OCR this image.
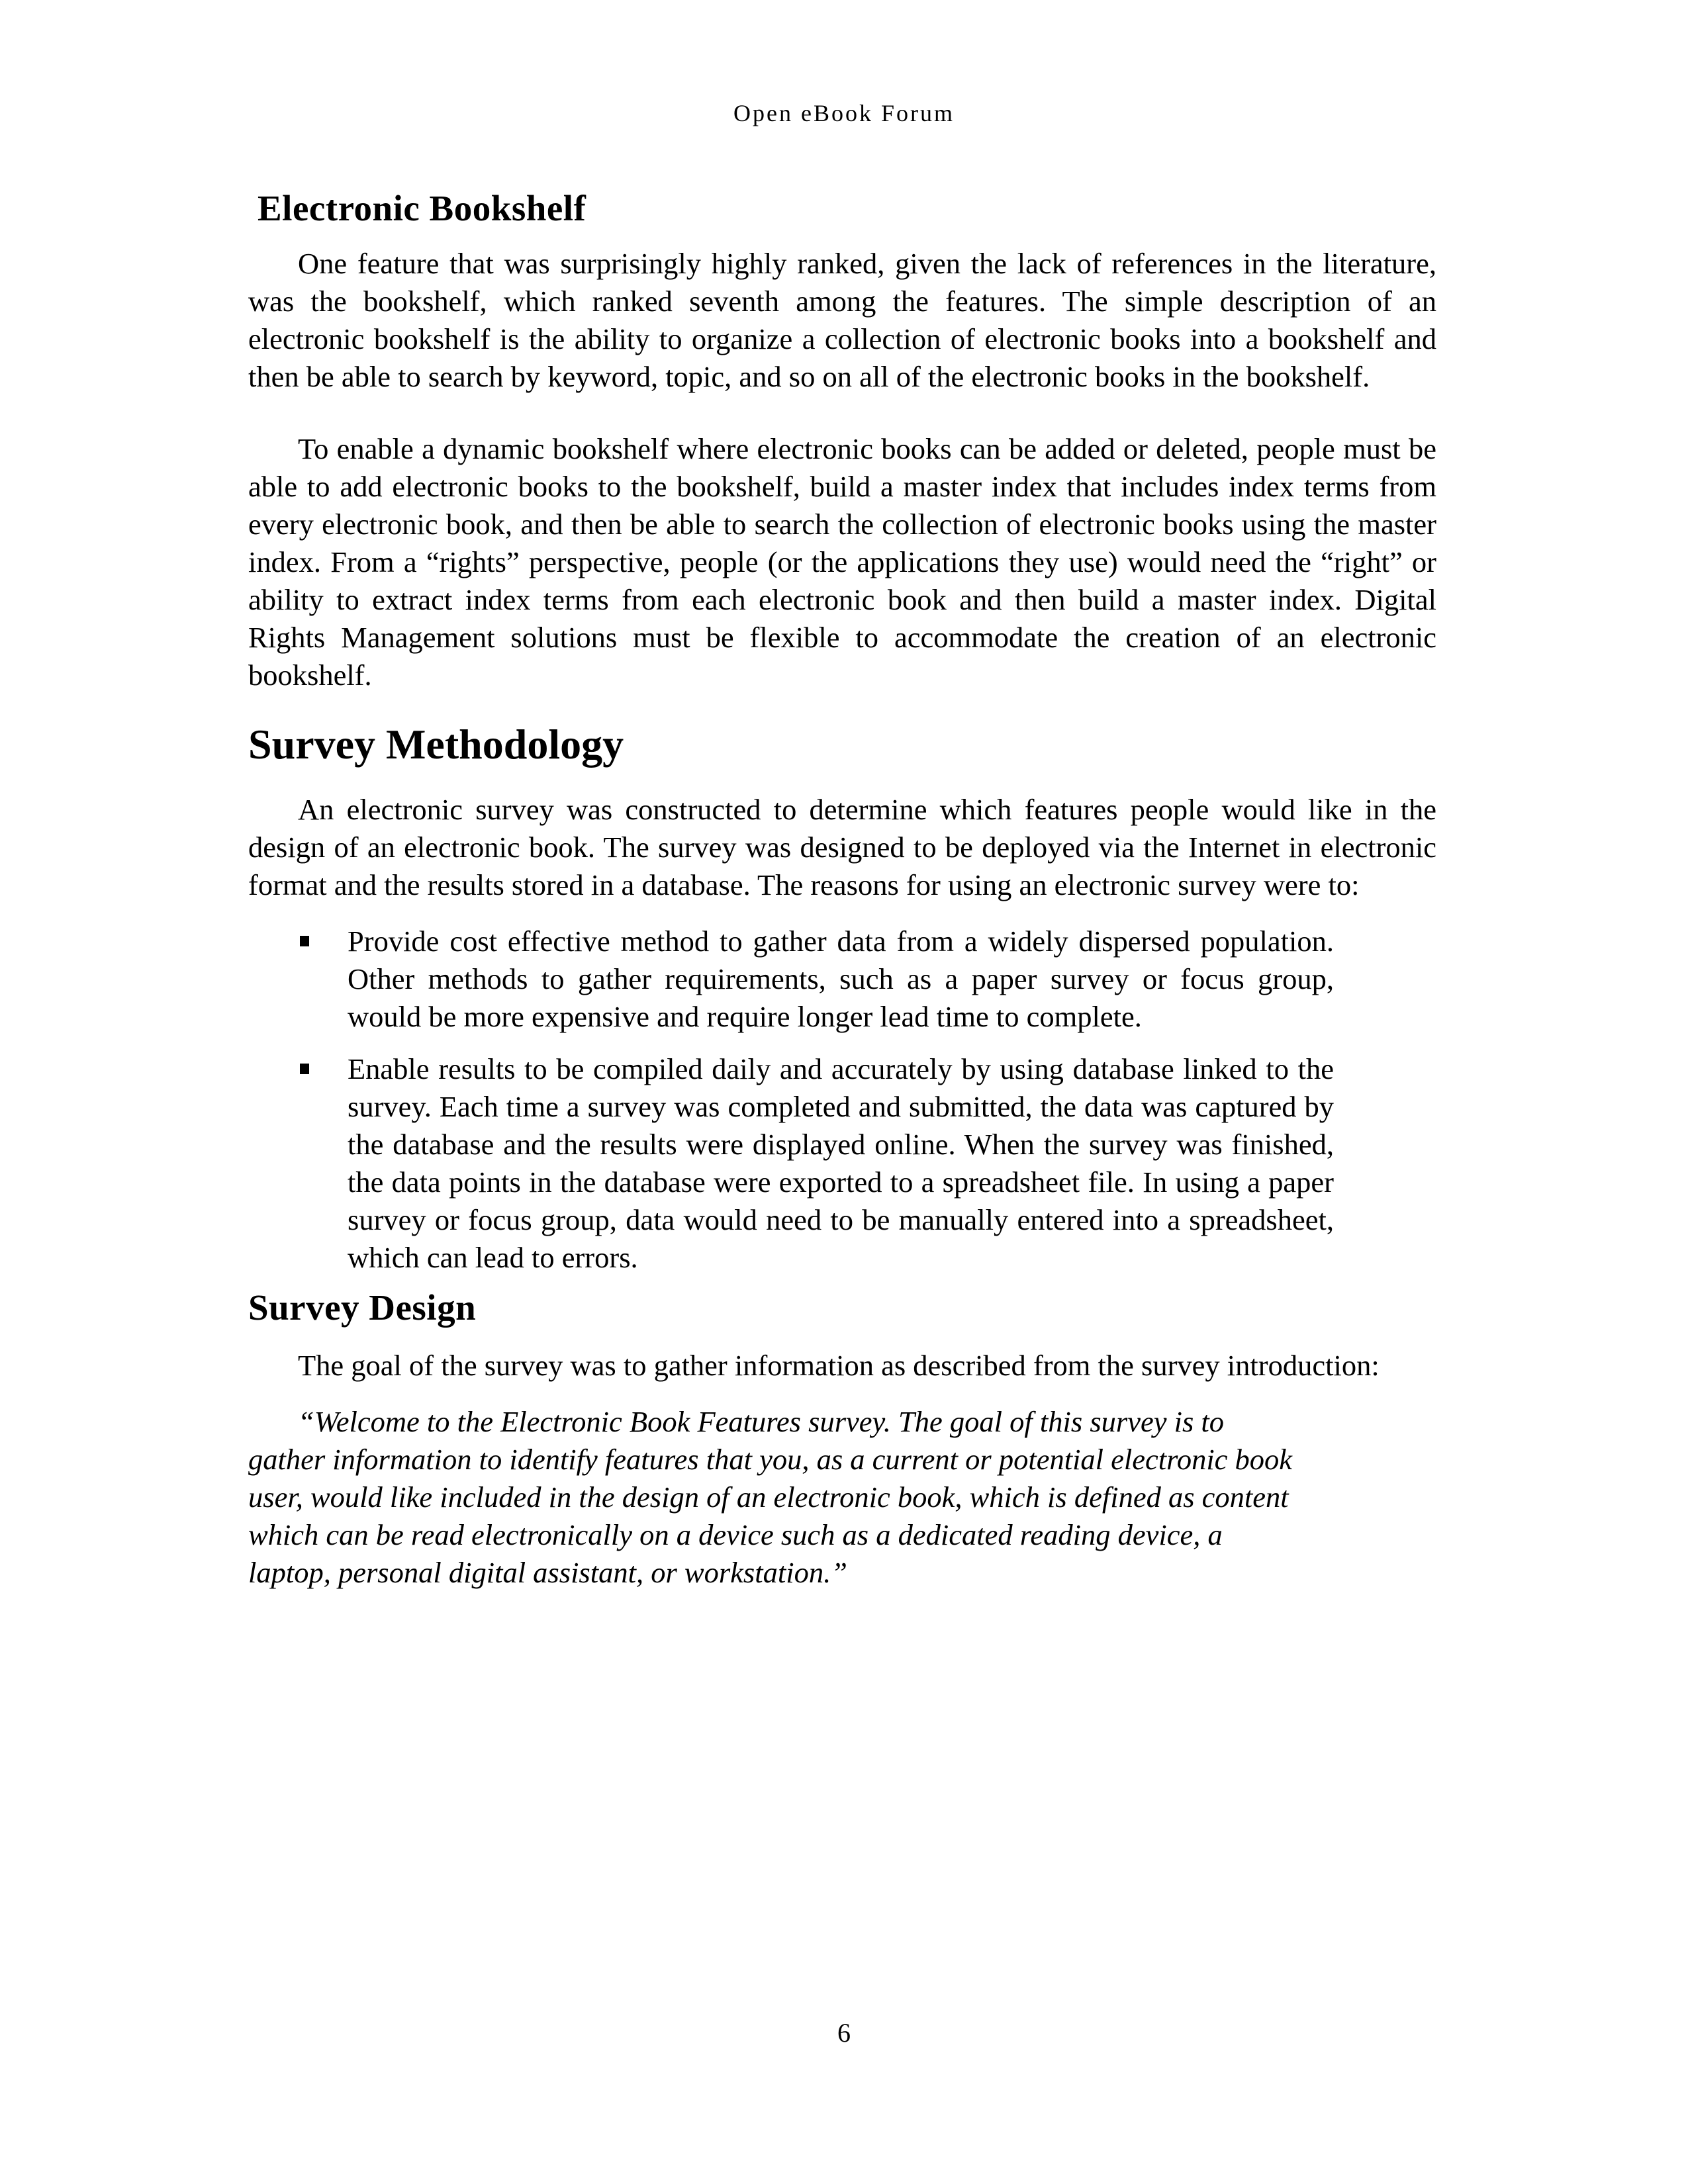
Open eBook Forum
Electronic Bookshelf

One feature that was surprisingly highly ranked, given the lack of references in the literature, was the bookshelf, which ranked seventh among the features. The simple description of an electronic bookshelf is the ability to organize a collection of electronic books into a bookshelf and then be able to search by keyword, topic, and so on all of the electronic books in the bookshelf.

To enable a dynamic bookshelf where electronic books can be added or deleted, people must be able to add electronic books to the bookshelf, build a master index that includes index terms from every electronic book, and then be able to search the collection of electronic books using the master index. From a “rights” perspective, people (or the applications they use) would need the “right” or ability to extract index terms from each electronic book and then build a master index. Digital Rights Management solutions must be flexible to accommodate the creation of an electronic bookshelf.

Survey Methodology

An electronic survey was constructed to determine which features people would like in the design of an electronic book. The survey was designed to be deployed via the Internet in electronic format and the results stored in a database. The reasons for using an electronic survey were to:

Provide cost effective method to gather data from a widely dispersed population. Other methods to gather requirements, such as a paper survey or focus group, would be more expensive and require longer lead time to complete.
Enable results to be compiled daily and accurately by using database linked to the survey. Each time a survey was completed and submitted, the data was captured by the database and the results were displayed online. When the survey was finished, the data points in the database were exported to a spreadsheet file. In using a paper survey or focus group, data would need to be manually entered into a spreadsheet, which can lead to errors.
Survey Design

The goal of the survey was to gather information as described from the survey introduction:

“Welcome to the Electronic Book Features survey. The goal of this survey is to
gather information to identify features that you, as a current or potential electronic book
user, would like included in the design of an electronic book, which is defined as content
which can be read electronically on a device such as a dedicated reading device, a
laptop, personal digital assistant, or workstation.”
6
